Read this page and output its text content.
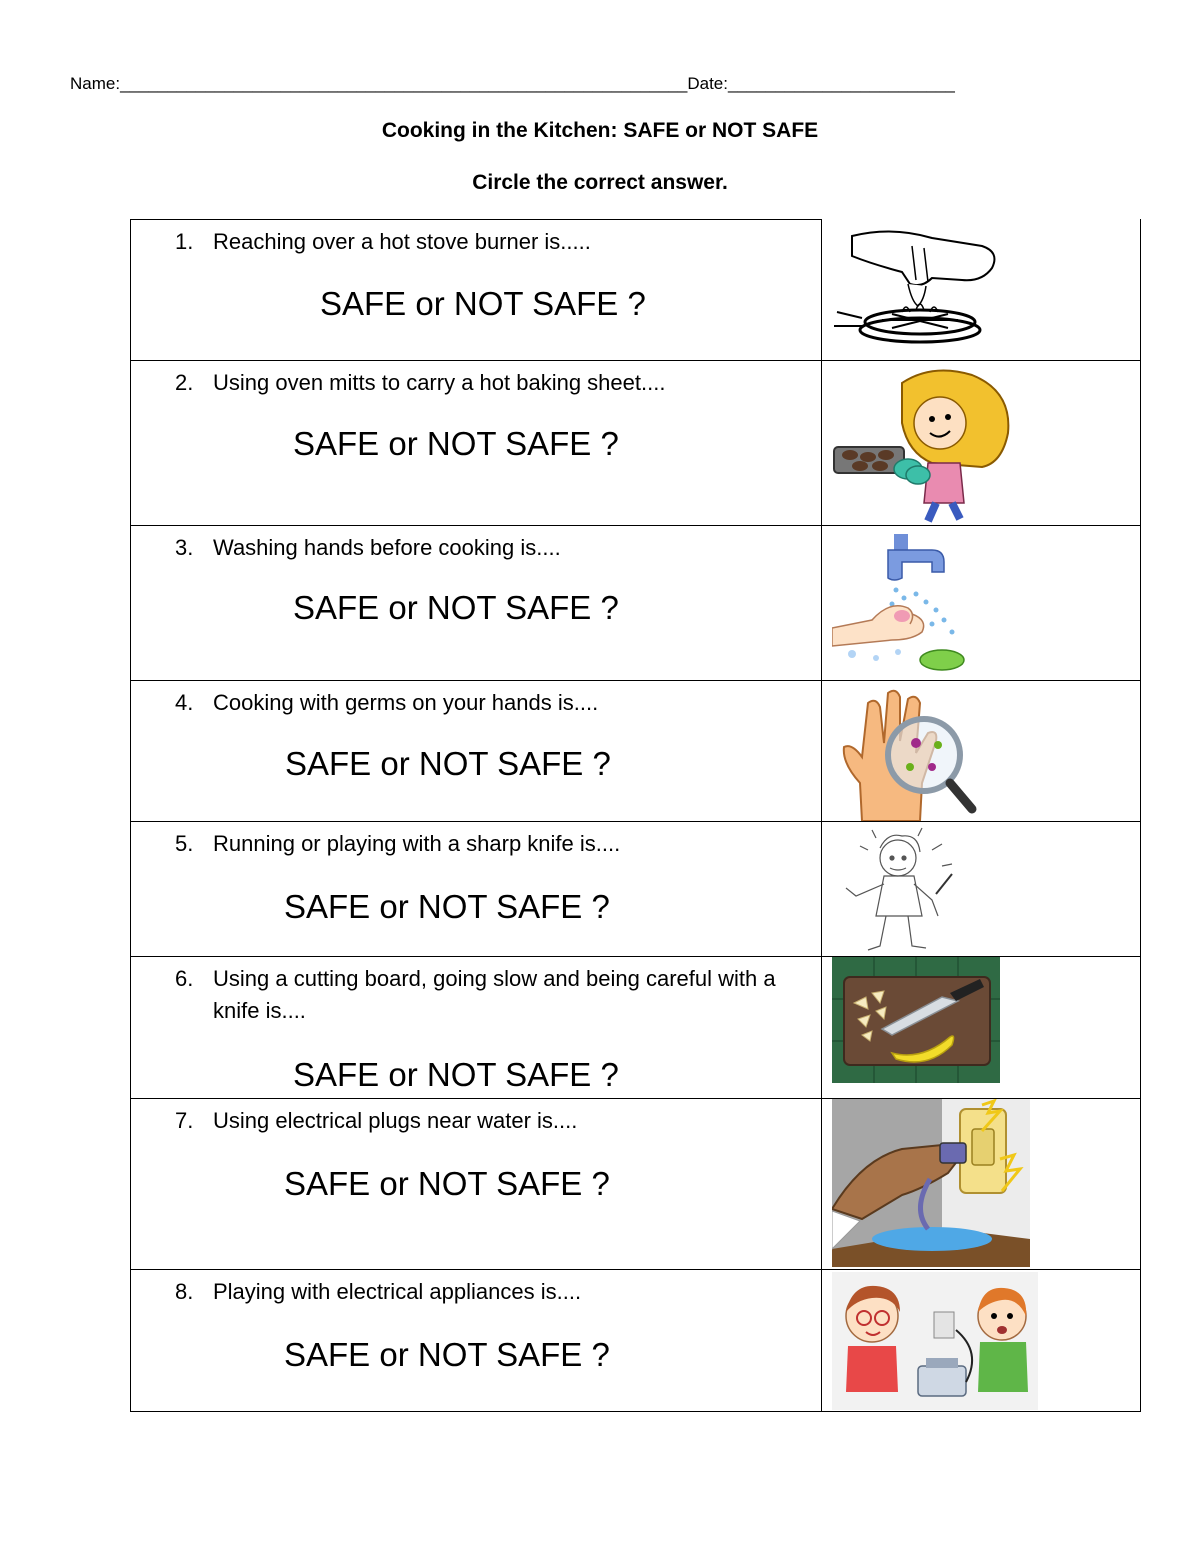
Name:____________________________________________________________Date:________________________
Cooking in the Kitchen: SAFE or NOT SAFE
Circle the correct answer.
1. Reaching over a hot stove burner is.....
SAFE or NOT SAFE ?

2. Using oven mitts to carry a hot baking sheet....
SAFE or NOT SAFE ?

3. Washing hands before cooking is....
SAFE or NOT SAFE ?

4. Cooking with germs on your hands is....
SAFE or NOT SAFE ?

5. Running or playing with a sharp knife is....
SAFE or NOT SAFE ?

6. Using a cutting board, going slow and being careful with a knife is....
SAFE or NOT SAFE ?

7. Using electrical plugs near water is....
SAFE or NOT SAFE ?

8. Playing with electrical appliances is....
SAFE or NOT SAFE ?
